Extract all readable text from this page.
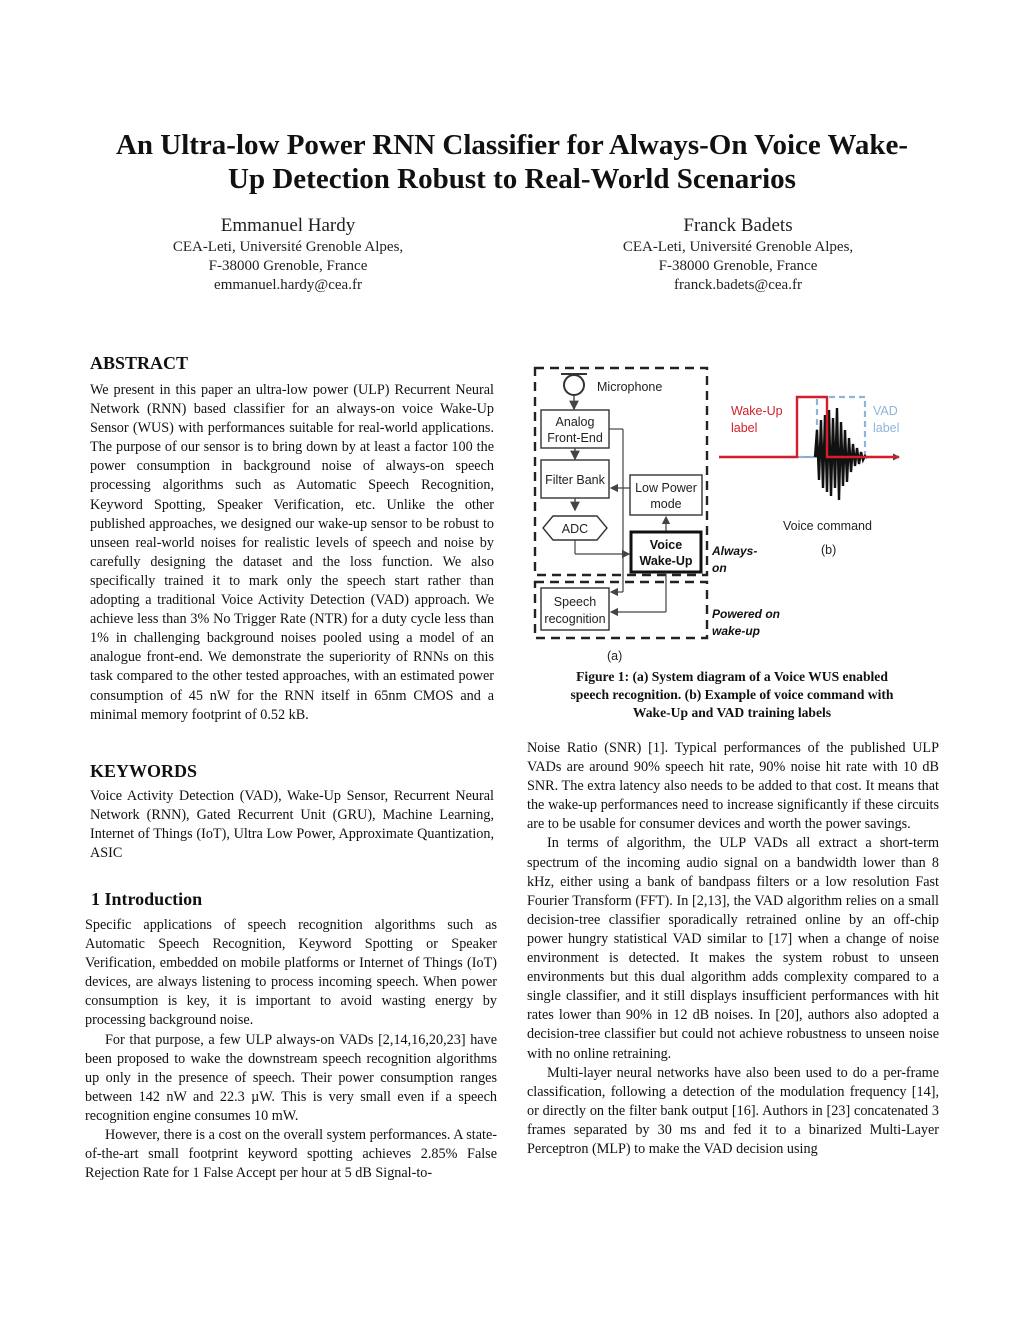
An Ultra-low Power RNN Classifier for Always-On Voice Wake-
Up Detection Robust to Real-World Scenarios
Emmanuel Hardy
CEA-Leti, Université Grenoble Alpes,
F-38000 Grenoble, France
emmanuel.hardy@cea.fr
Franck Badets
CEA-Leti, Université Grenoble Alpes,
F-38000 Grenoble, France
franck.badets@cea.fr
ABSTRACT

We present in this paper an ultra-low power (ULP) Recurrent Neural Network (RNN) based classifier for an always-on voice Wake-Up Sensor (WUS) with performances suitable for real-world applications. The purpose of our sensor is to bring down by at least a factor 100 the power consumption in background noise of always-on speech processing algorithms such as Automatic Speech Recognition, Keyword Spotting, Speaker Verification, etc. Unlike the other published approaches, we designed our wake-up sensor to be robust to unseen real-world noises for realistic levels of speech and noise by carefully designing the dataset and the loss function. We also specifically trained it to mark only the speech start rather than adopting a traditional Voice Activity Detection (VAD) approach. We achieve less than 3% No Trigger Rate (NTR) for a duty cycle less than 1% in challenging background noises pooled using a model of an analogue front-end. We demonstrate the superiority of RNNs on this task compared to the other tested approaches, with an estimated power consumption of 45 nW for the RNN itself in 65nm CMOS and a minimal memory footprint of 0.52 kB.

KEYWORDS

Voice Activity Detection (VAD), Wake-Up Sensor, Recurrent Neural Network (RNN), Gated Recurrent Unit (GRU), Machine Learning, Internet of Things (IoT), Ultra Low Power, Approximate Quantization, ASIC

1 Introduction

Specific applications of speech recognition algorithms such as Automatic Speech Recognition, Keyword Spotting or Speaker Verification, embedded on mobile platforms or Internet of Things (IoT) devices, are always listening to process incoming speech. When power consumption is key, it is important to avoid wasting energy by processing background noise.

For that purpose, a few ULP always-on VADs [2,14,16,20,23] have been proposed to wake the downstream speech recognition algorithms up only in the presence of speech. Their power consumption ranges between 142 nW and 22.3 µW. This is very small even if a speech recognition engine consumes 10 mW.

However, there is a cost on the overall system performances. A state-of-the-art small footprint keyword spotting achieves 2.85% False Rejection Rate for 1 False Accept per hour at 5 dB Signal-to-

Microphone
Analog
Front-End
Filter Bank
Low Power
mode
ADC
Voice
Wake-Up
Speech
recognition
Always-
on
Powered on
wake-up
(a)
Wake-Up
label
VAD
label
Voice command
(b)
Figure 1: (a) System diagram of a Voice WUS enabled
speech recognition. (b) Example of voice command with
Wake-Up and VAD training labels

Noise Ratio (SNR) [1]. Typical performances of the published ULP VADs are around 90% speech hit rate, 90% noise hit rate with 10 dB SNR. The extra latency also needs to be added to that cost. It means that the wake-up performances need to increase significantly if these circuits are to be usable for consumer devices and worth the power savings.

In terms of algorithm, the ULP VADs all extract a short-term spectrum of the incoming audio signal on a bandwidth lower than 8 kHz, either using a bank of bandpass filters or a low resolution Fast Fourier Transform (FFT). In [2,13], the VAD algorithm relies on a small decision-tree classifier sporadically retrained online by an off-chip power hungry statistical VAD similar to [17] when a change of noise environment is detected. It makes the system robust to unseen environments but this dual algorithm adds complexity compared to a single classifier, and it still displays insufficient performances with hit rates lower than 90% in 12 dB noises. In [20], authors also adopted a decision-tree classifier but could not achieve robustness to unseen noise with no online retraining.

Multi-layer neural networks have also been used to do a per-frame classification, following a detection of the modulation frequency [14], or directly on the filter bank output [16]. Authors in [23] concatenated 3 frames separated by 30 ms and fed it to a binarized Multi-Layer Perceptron (MLP) to make the VAD decision using
